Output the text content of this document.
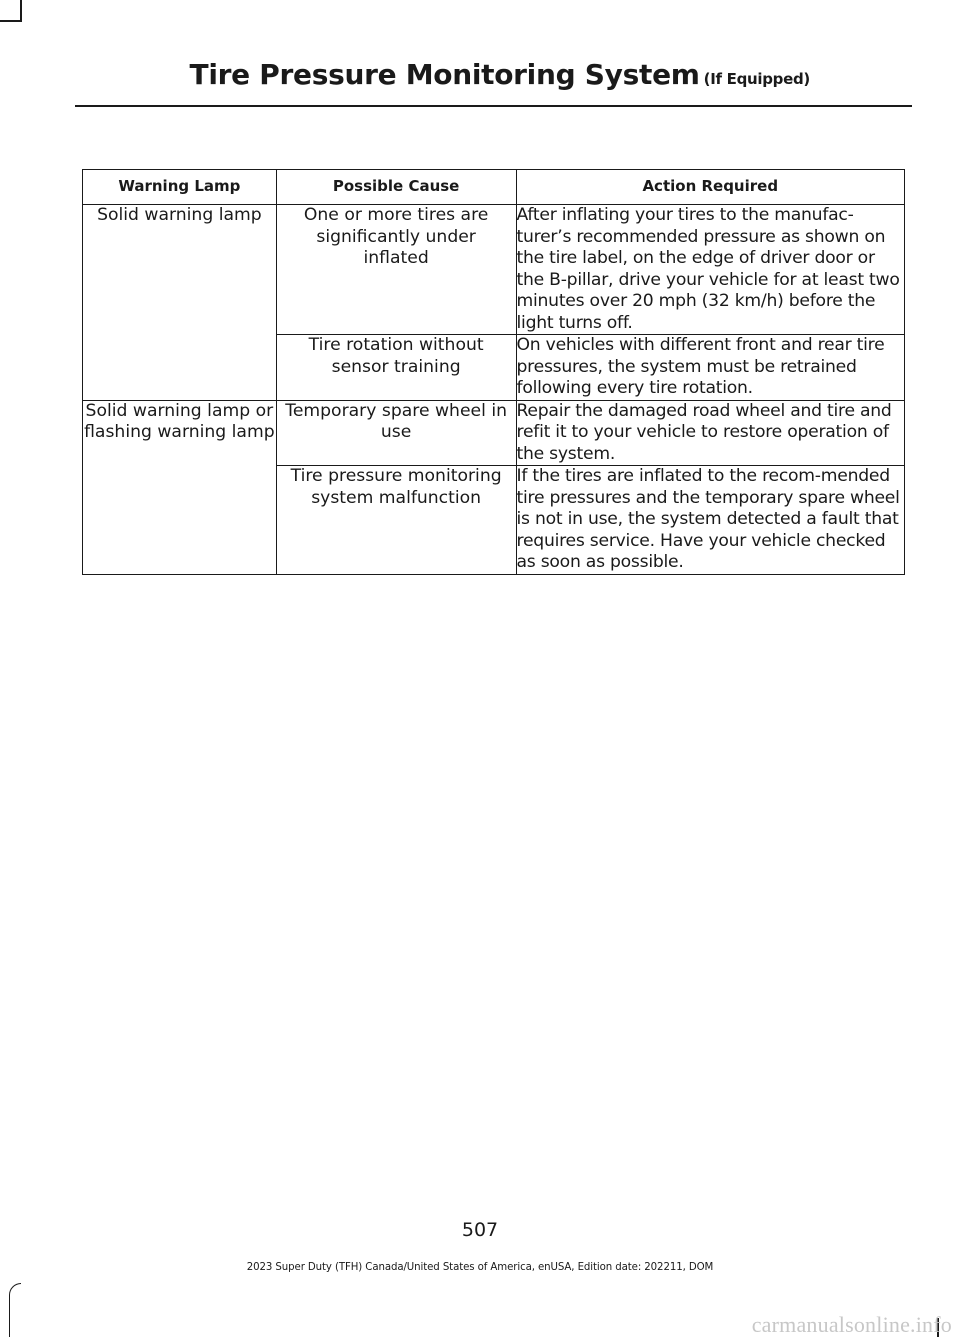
Tire Pressure Monitoring System (If Equipped)
Warning Lamp	Possible Cause	Action Required
Solid warning lamp	One or more tires are significantly under inflated	After inflating your tires to the manufac-turer’s recommended pressure as shown on the tire label, on the edge of driver door or the B-pillar, drive your vehicle for at least two minutes over 20 mph (32 km/h) before the light turns off.
	Tire rotation without sensor training	On vehicles with different front and rear tire pressures, the system must be retrained following every tire rotation.
Solid warning lamp or flashing warning lamp	Temporary spare wheel in use	Repair the damaged road wheel and tire and refit it to your vehicle to restore operation of the system.
	Tire pressure monitoring system malfunction	If the tires are inflated to the recom-mended tire pressures and the temporary spare wheel is not in use, the system detected a fault that requires service. Have your vehicle checked as soon as possible.
507
2023 Super Duty (TFH) Canada/United States of America, enUSA, Edition date: 202211, DOM
carmanualsonline.info
